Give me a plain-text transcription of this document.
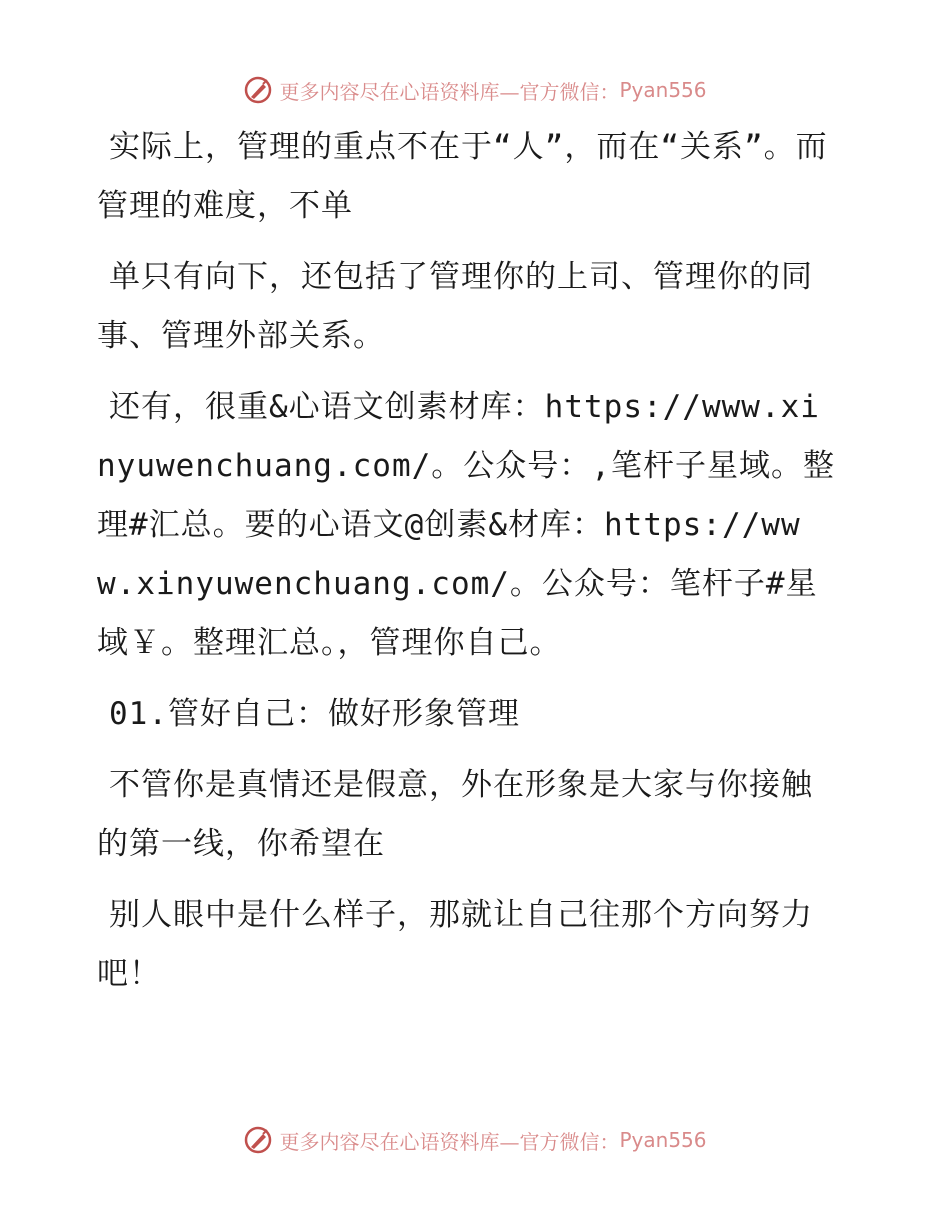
更多内容尽在心语资料库—官方微信： Pyan556

实际上，管理的重点不在于“人”，而在“关系”。而管理的难度，不单

单只有向下，还包括了管理你的上司、管理你的同事、管理外部关系。

还有，很重&心语文创素材库：https://www.xinyuwenchuang.com/。公众号：,笔杆子星域。整理#汇总。要的心语文@创素&材库：https://www.xinyuwenchuang.com/。公众号：笔杆子#星域￥。整理汇总。，管理你自己。

01.管好自己：做好形象管理

不管你是真情还是假意，外在形象是大家与你接触的第一线，你希望在

别人眼中是什么样子，那就让自己往那个方向努力吧！

更多内容尽在心语资料库—官方微信： Pyan556
